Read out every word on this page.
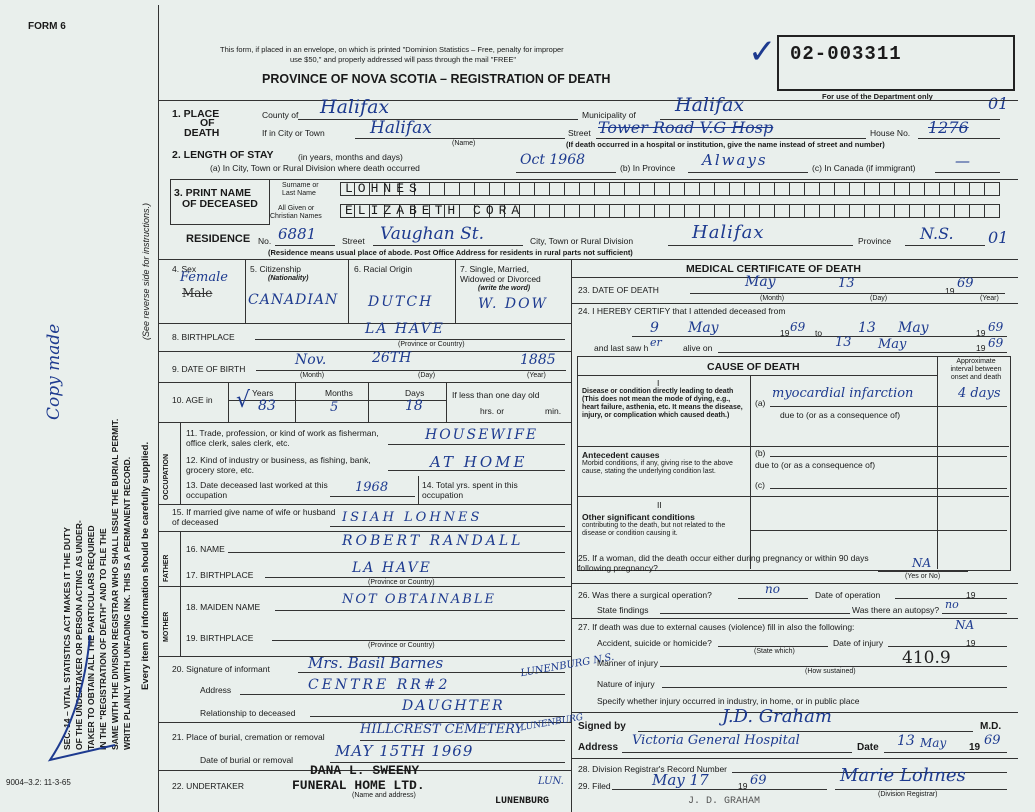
FORM 6
This form, if placed in an envelope, on which is printed "Dominion Statistics – Free, penalty for improper
use $50," and properly addressed will pass through the mail "FREE"
PROVINCE OF NOVA SCOTIA – REGISTRATION OF DEATH
✓ 02-003311
For use of the Department only	01
01
SEC. 14 – VITAL STATISTICS ACT MAKES IT THE DUTY OF THE UNDERTAKER OR PERSON ACTING AS UNDER- TAKER TO OBTAIN ALL THE PARTICULARS REQUIRED IN THE "REGISTRATION OF DEATH" AND TO FILE THE SAME WITH THE DIVISION REGISTRAR WHO SHALL ISSUE THE BURIAL PERMIT. WRITE PLAINLY WITH UNFADING INK. THIS IS A PERMANENT RECORD. Every item of information should be carefully supplied.
(See reverse side for instructions.)
Copy made
9004–3.2: 11-3-65
1. PLACE
OF
DEATH
County of Halifax	Municipality of Halifax
If in City or Town	Halifax
(Name)
Street Tower Road V.G Hosp	House No. 1276
(If death occurred in a hospital or institution, give the name instead of street and number)
2. LENGTH OF STAY	(in years, months and days)
(a) In City, Town or Rural Division where death occurred	Oct 1968	(b) In Province Always	(c) In Canada (if immigrant)	—
3. PRINT NAME
OF DECEASED
Surname or
Last Name
All Given or
Christian Names
LOHNES
ELIZABETH CORA
RESIDENCE No. 6881	Street Vaughan St.	City, Town or Rural Division	Halifax	Province N.S.
(Residence means usual place of abode. Post Office Address for residents in rural parts not sufficient)
4. Sex
Female
Male
5. Citizenship
(Nationality)
CANADIAN
6. Racial Origin
DUTCH
7. Single, Married,
Widowed or Divorced
(write the word)
W. DOW
8. BIRTHPLACE	LA HAVE
(Province or Country)
9. DATE OF BIRTH
Nov.	26TH	1885
(Month)	(Day)	(Year)
10. AGE in
Years	Months	Days
83	5	18
√	If less than one day old
hrs. or	min.
OCCUPATION
11. Trade, profession, or kind of work as fisherman, office clerk, sales clerk, etc.	HOUSEWIFE
12. Kind of industry or business, as fishing, bank, grocery store, etc.	AT HOME
13. Date deceased last worked at this occupation	1968	14. Total yrs. spent in this occupation
15. If married give name of wife or husband of deceased	ISIAH LOHNES
FATHER
16. NAME	ROBERT RANDALL
17. BIRTHPLACE	LA HAVE
(Province or Country)
MOTHER
18. MAIDEN NAME	NOT OBTAINABLE
19. BIRTHPLACE
(Province or Country)
20. Signature of informant	Mrs. Basil Barnes	LUNENBURG N.S.
Address	CENTRE RR#2
Relationship to deceased	DAUGHTER
21. Place of burial, cremation or removal	HILLCREST CEMETERY
LUNENBURG
Date of burial or removal	MAY 15TH 1969
22. UNDERTAKER
DANA L. SWEENY
FUNERAL HOME LTD.
(Name and address)
LUN.
LUNENBURG
MEDICAL CERTIFICATE OF DEATH
23. DATE OF DEATH	May	13	19 69
(Month)	(Day)	(Year)
24. I HEREBY CERTIFY that I attended deceased from
9 May	19 69 to	13 May	19 69
and last saw h er alive on	13 May	19 69
CAUSE OF DEATH	Approximate interval between onset and death
I
Disease or condition directly leading to death (This does not mean the mode of dying, e.g., heart failure, asthenia, etc. It means the disease, injury, or complication which caused death.)
(a)
myocardial infarction	4 days
due to (or as a consequence of)
Antecedent causes
Morbid conditions, if any, giving rise to the above cause, stating the underlying condition last.
(b)
due to (or as a consequence of)
(c)
II
Other significant conditions
contributing to the death, but not related to the disease or condition causing it.
25. If a woman, did the death occur either during pregnancy or within 90 days following pregnancy?	NA
(Yes or No)
26. Was there a surgical operation?	no	Date of operation	19
State findings	Was there an autopsy? no
27. If death was due to external causes (violence) fill in also the following:	NA
Accident, suicide or homicide?	Date of injury	19
(State which)
Manner of injury	410.9
(How sustained)
Nature of injury
Specify whether injury occurred in industry, in home, or in public place
Signed by	J.D. Graham	M.D.
Address Victoria General Hospital	Date 13 May 19 69
28. Division Registrar's Record Number
29. Filed	May 17	19 69	Marie Lohnes
(Division Registrar)
J. D. GRAHAM
